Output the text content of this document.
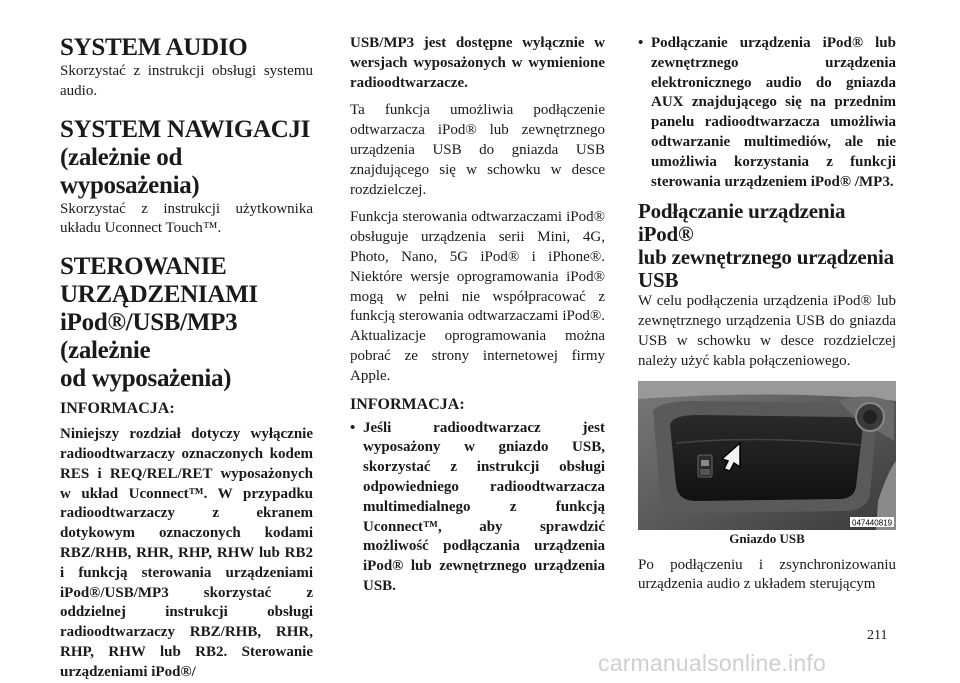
SYSTEM AUDIO

Skorzystać z instrukcji obsługi systemu audio.

SYSTEM NAWIGACJI
(zależnie od wyposażenia)

Skorzystać z instrukcji użytkownika układu Uconnect Touch™.

STEROWANIE
URZĄDZENIAMI
iPod®/USB/MP3 (zależnie
od wyposażenia)

INFORMACJA:

Niniejszy rozdział dotyczy wyłącznie radioodtwarzaczy oznaczonych kodem RES i REQ/REL/RET wyposażonych w układ Uconnect™. W przypadku radioodtwarzaczy z ekranem dotykowym oznaczonych kodami RBZ/RHB, RHR, RHP, RHW lub RB2 i funkcją sterowania urządzeniami iPod®/USB/MP3 skorzystać z oddzielnej instrukcji obsługi radioodtwarzaczy RBZ/RHB, RHR, RHP, RHW lub RB2. Sterowanie urządzeniami iPod®/

USB/MP3 jest dostępne wyłącznie w wersjach wyposażonych w wymienione radioodtwarzacze.

Ta funkcja umożliwia podłączenie odtwarzacza iPod® lub zewnętrznego urządzenia USB do gniazda USB znajdującego się w schowku w desce rozdzielczej.

Funkcja sterowania odtwarzaczami iPod® obsługuje urządzenia serii Mini, 4G, Photo, Nano, 5G iPod® i iPhone®. Niektóre wersje oprogramowania iPod® mogą w pełni nie współpracować z funkcją sterowania odtwarzaczami iPod®. Aktualizacje oprogramowania można pobrać ze strony internetowej firmy Apple.

INFORMACJA:

• Jeśli radioodtwarzacz jest wyposażony w gniazdo USB, skorzystać z instrukcji obsługi odpowiedniego radioodtwarzacza multimedialnego z funkcją Uconnect™, aby sprawdzić możliwość podłączania urządzenia iPod® lub zewnętrznego urządzenia USB.
• Podłączanie urządzenia iPod® lub zewnętrznego urządzenia elektronicznego audio do gniazda AUX znajdującego się na przednim panelu radioodtwarzacza umożliwia odtwarzanie multimediów, ale nie umożliwia korzystania z funkcji sterowania urządzeniem iPod® /MP3.
Podłączanie urządzenia iPod®
lub zewnętrznego urządzenia
USB

W celu podłączenia urządzenia iPod® lub zewnętrznego urządzenia USB do gniazda USB w schowku w desce rozdzielczej należy użyć kabla połączeniowego.

047440819

Gniazdo USB

Po podłączeniu i zsynchronizowaniu urządzenia audio z układem sterującym

211
carmanualsonline.info
